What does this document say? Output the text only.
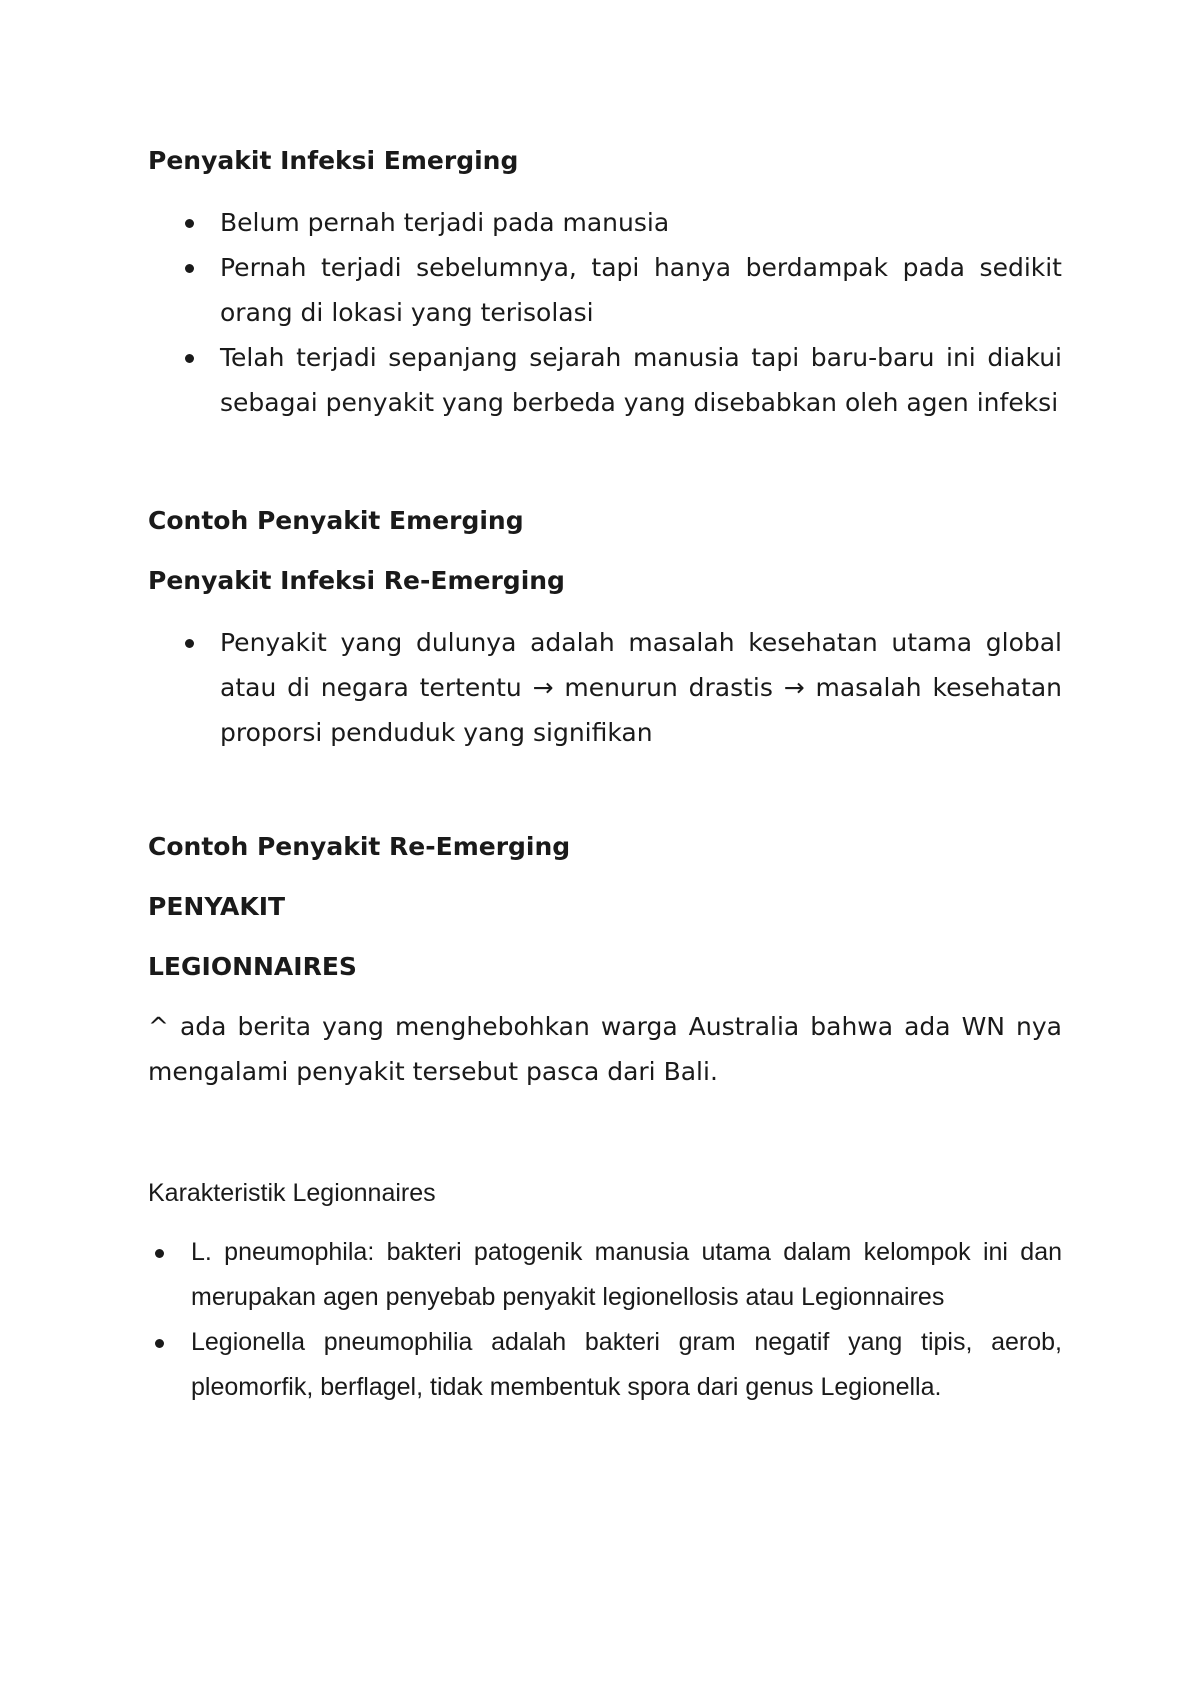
Penyakit Infeksi Emerging
Belum pernah terjadi pada manusia
Pernah terjadi sebelumnya, tapi hanya berdampak pada sedikit orang di lokasi yang terisolasi
Telah terjadi sepanjang sejarah manusia tapi baru-baru ini diakui sebagai penyakit yang berbeda yang disebabkan oleh agen infeksi
Contoh Penyakit Emerging
Penyakit Infeksi Re-Emerging
Penyakit yang dulunya adalah masalah kesehatan utama global atau di negara tertentu → menurun drastis → masalah kesehatan proporsi penduduk yang signifikan
Contoh Penyakit Re-Emerging
PENYAKIT
LEGIONNAIRES

^ ada berita yang menghebohkan warga Australia bahwa ada WN nya mengalami penyakit tersebut pasca dari Bali.

Karakteristik Legionnaires

L. pneumophila: bakteri patogenik manusia utama dalam kelompok ini dan merupakan agen penyebab penyakit legionellosis atau Legionnaires
Legionella pneumophilia adalah bakteri gram negatif yang tipis, aerob, pleomorfik, berflagel, tidak membentuk spora dari genus Legionella.
